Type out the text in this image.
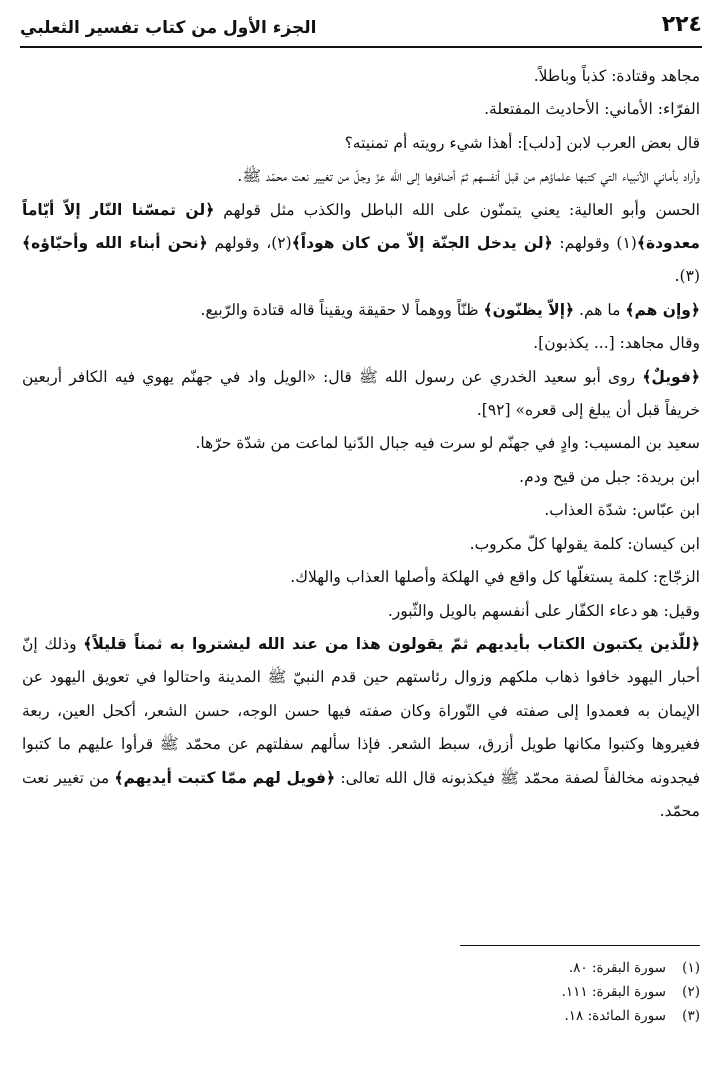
٢٢٤
الجزء الأول من كتاب تفسير الثعلبي

مجاهد وقتادة: كذباً وباطلاً.

الفرّاء: الأماني: الأحاديث المفتعلة.

قال بعض العرب لابن [دلب]: أهذا شيء رويته أم تمنيته؟

وأراد بأماني الأنبياء التي كتبها علماؤهم من قبل أنفسهم ثمّ أضافوها إلى الله عزّ وجلّ من تغيير نعت محمّد ﷺ.

الحسن وأبو العالية: يعني يتمنّون على الله الباطل والكذب مثل قولهم ﴿لن تمسّنا النّار إلاّ أيّاماً معدودة﴾(١) وقولهم: ﴿لن يدخل الجنّة إلاّ من كان هوداً﴾(٢)، وقولهم ﴿نحن أبناء الله وأحبّاؤه﴾(٣).

﴿وإن هم﴾ ما هم. ﴿إلاّ يظنّون﴾ ظنّاً ووهماً لا حقيقة ويقيناً قاله قتادة والرّبيع.

وقال مجاهد: [... يكذبون].

﴿فويلٌ﴾ روى أبو سعيد الخدري عن رسول الله ﷺ قال: «الويل واد في جهنّم يهوي فيه الكافر أربعين خريفاً قبل أن يبلغ إلى قعره» [٩٢].

سعيد بن المسيب: وادٍ في جهنّم لو سرت فيه جبال الدّنيا لماعت من شدّة حرّها.

ابن بريدة: جبل من قيح ودم.

ابن عبّاس: شدّة العذاب.

ابن كيسان: كلمة يقولها كلّ مكروب.

الزجّاج: كلمة يستغلّها كل واقع في الهلكة وأصلها العذاب والهلاك.

وقيل: هو دعاء الكفّار على أنفسهم بالويل والثّبور.

﴿للّذين يكتبون الكتاب بأيديهم ثمّ يقولون هذا من عند الله ليشتروا به ثمناً قليلاً﴾ وذلك إنّ أحبار اليهود خافوا ذهاب ملكهم وزوال رئاستهم حين قدم النبيّ ﷺ المدينة واحتالوا في تعويق اليهود عن الإيمان به فعمدوا إلى صفته في التّوراة وكان صفته فيها حسن الوجه، حسن الشعر، أكحل العين، ربعة فغيروها وكتبوا مكانها طويل أزرق، سبط الشعر. فإذا سألهم سفلتهم عن محمّد ﷺ قرأوا عليهم ما كتبوا فيجدونه مخالفاً لصفة محمّد ﷺ فيكذبونه قال الله تعالى: ﴿فويل لهم ممّا كتبت أيديهم﴾ من تغيير نعت محمّد.

(١)
سورة البقرة: ٨٠.
(٢)
سورة البقرة: ١١١.
(٣)
سورة المائدة: ١٨.
